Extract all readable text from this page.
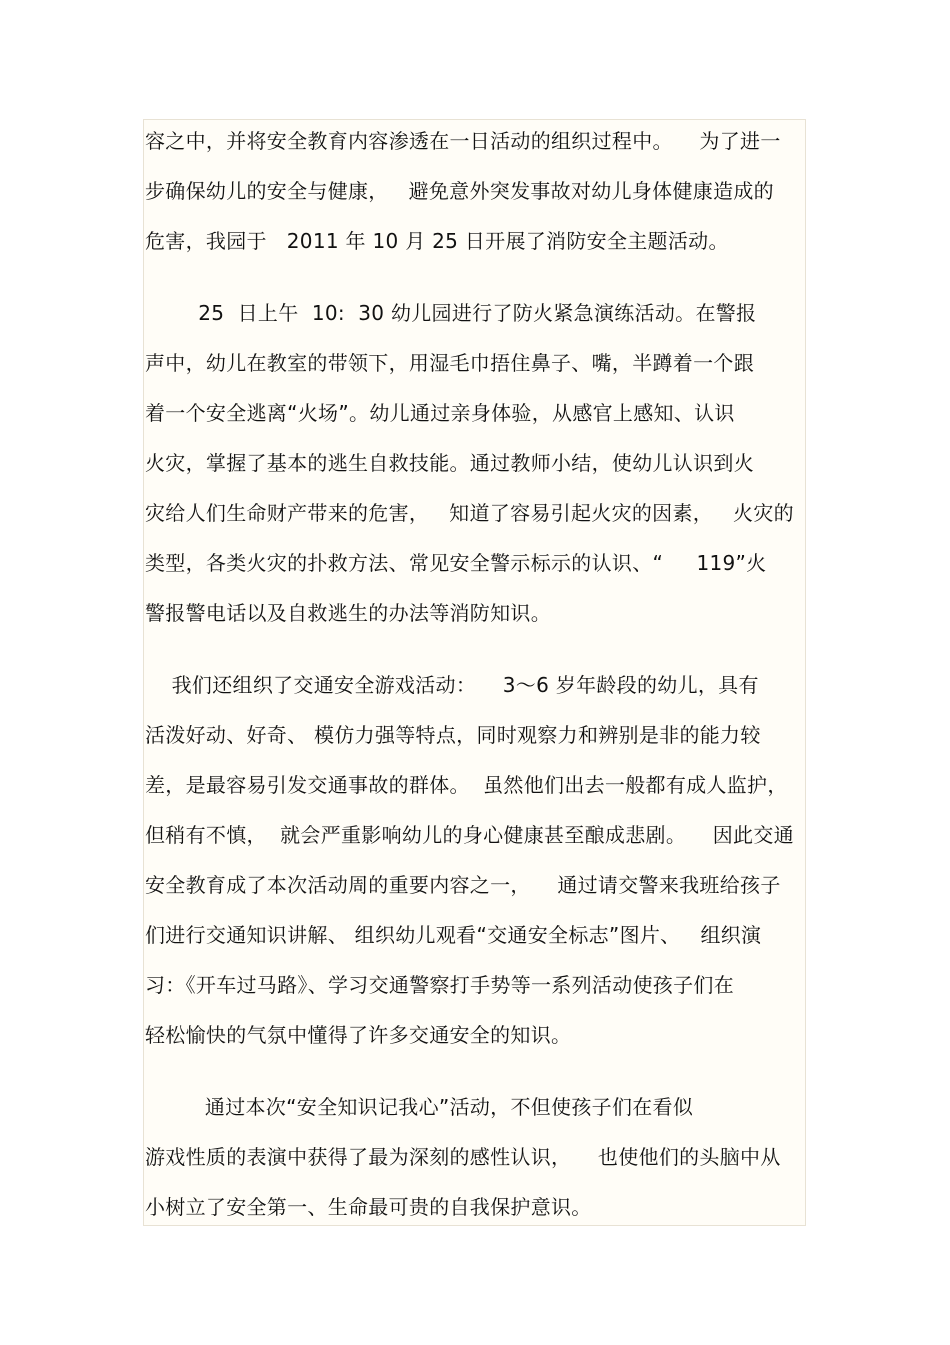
容之中，并将安全教育内容渗透在一日活动的组织过程中。    为了进一
步确保幼儿的安全与健康，   避免意外突发事故对幼儿身体健康造成的
危害，我园于   2011 年 10 月 25 日开展了消防安全主题活动。
25  日上午  10:  30 幼儿园进行了防火紧急演练活动。在警报
声中，幼儿在教室的带领下，用湿毛巾捂住鼻子、嘴，半蹲着一个跟
着一个安全逃离“火场”。幼儿通过亲身体验，从感官上感知、认识
火灾，掌握了基本的逃生自救技能。通过教师小结，使幼儿认识到火
灾给人们生命财产带来的危害，   知道了容易引起火灾的因素，   火灾的
类型，各类火灾的扑救方法、常见安全警示标示的认识、“     119”火
警报警电话以及自救逃生的办法等消防知识。
我们还组织了交通安全游戏活动：    3～6 岁年龄段的幼儿，具有
活泼好动、好奇、 模仿力强等特点，同时观察力和辨别是非的能力较
差，是最容易引发交通事故的群体。  虽然他们出去一般都有成人监护，
但稍有不慎，  就会严重影响幼儿的身心健康甚至酿成悲剧。    因此交通
安全教育成了本次活动周的重要内容之一，    通过请交警来我班给孩子
们进行交通知识讲解、 组织幼儿观看“交通安全标志”图片、   组织演
习：《开车过马路》、学习交通警察打手势等一系列活动使孩子们在
轻松愉快的气氛中懂得了许多交通安全的知识。
通过本次“安全知识记我心”活动，不但使孩子们在看似
游戏性质的表演中获得了最为深刻的感性认识，    也使他们的头脑中从
小树立了安全第一、生命最可贵的自我保护意识。
